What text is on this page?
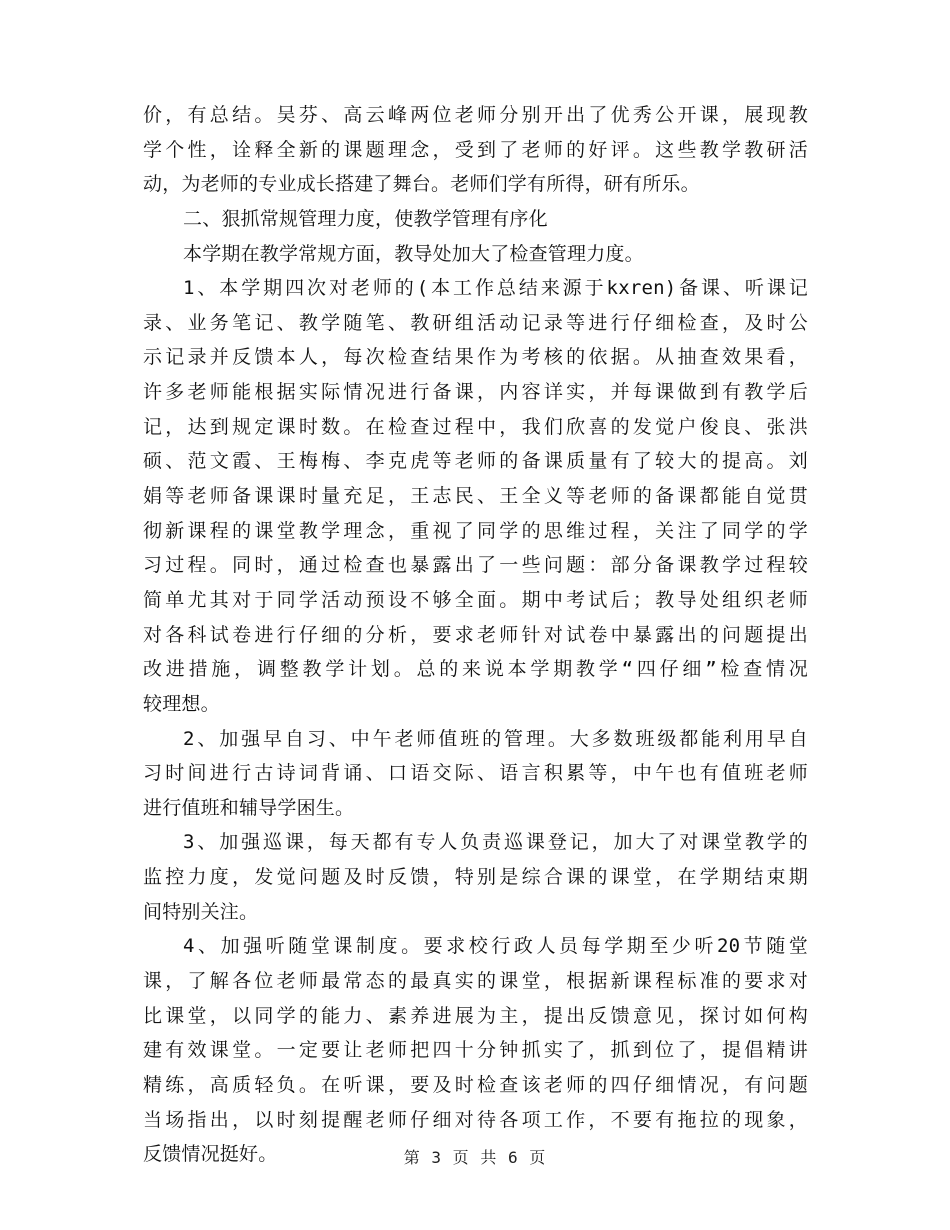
价，有总结。吴芬、高云峰两位老师分别开出了优秀公开课，展现教
学个性，诠释全新的课题理念，受到了老师的好评。这些教学教研活
动，为老师的专业成长搭建了舞台。老师们学有所得，研有所乐。
二、狠抓常规管理力度，使教学管理有序化
本学期在教学常规方面，教导处加大了检查管理力度。
1、本学期四次对老师的(本工作总结来源于kxren)备课、听课记
录、业务笔记、教学随笔、教研组活动记录等进行仔细检查，及时公
示记录并反馈本人，每次检查结果作为考核的依据。从抽查效果看，
许多老师能根据实际情况进行备课，内容详实，并每课做到有教学后
记，达到规定课时数。在检查过程中，我们欣喜的发觉户俊良、张洪
硕、范文霞、王梅梅、李克虎等老师的备课质量有了较大的提高。刘
娟等老师备课课时量充足，王志民、王全义等老师的备课都能自觉贯
彻新课程的课堂教学理念，重视了同学的思维过程，关注了同学的学
习过程。同时，通过检查也暴露出了一些问题：部分备课教学过程较
简单尤其对于同学活动预设不够全面。期中考试后；教导处组织老师
对各科试卷进行仔细的分析，要求老师针对试卷中暴露出的问题提出
改进措施，调整教学计划。总的来说本学期教学“四仔细”检查情况
较理想。
2、加强早自习、中午老师值班的管理。大多数班级都能利用早自
习时间进行古诗词背诵、口语交际、语言积累等，中午也有值班老师
进行值班和辅导学困生。
3、加强巡课，每天都有专人负责巡课登记，加大了对课堂教学的
监控力度，发觉问题及时反馈，特别是综合课的课堂，在学期结束期
间特别关注。
4、加强听随堂课制度。要求校行政人员每学期至少听20节随堂
课，了解各位老师最常态的最真实的课堂，根据新课程标准的要求对
比课堂，以同学的能力、素养进展为主，提出反馈意见，探讨如何构
建有效课堂。一定要让老师把四十分钟抓实了，抓到位了，提倡精讲
精练，高质轻负。在听课，要及时检查该老师的四仔细情况，有问题
当场指出，以时刻提醒老师仔细对待各项工作，不要有拖拉的现象，
反馈情况挺好。	第 3 页 共 6 页
